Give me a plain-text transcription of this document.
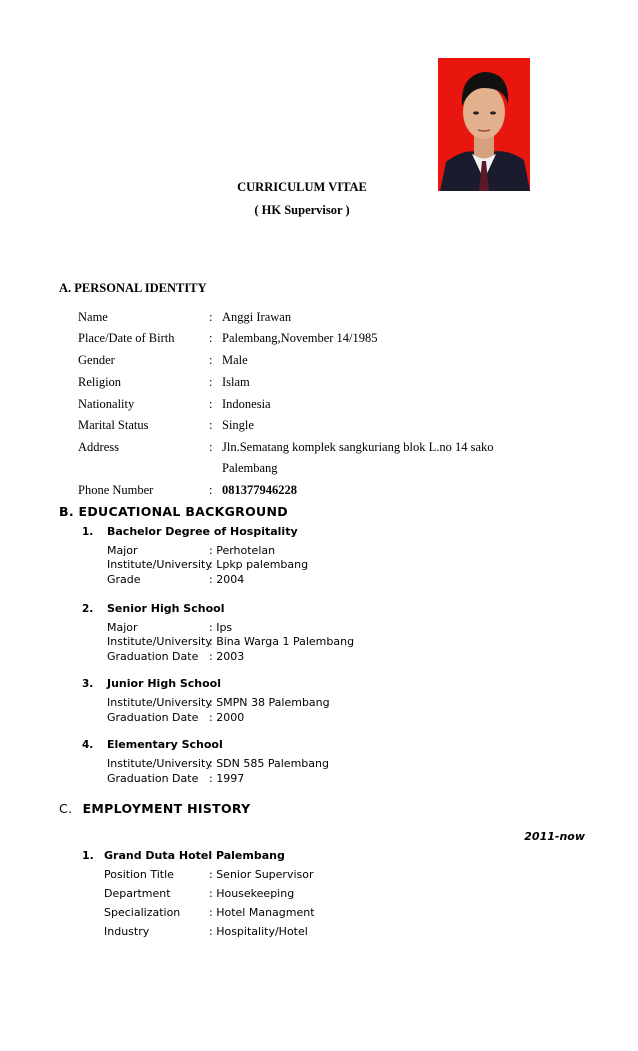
CURRICULUM VITAE
( HK Supervisor )
A. PERSONAL IDENTITY
Name	: Anggi Irawan
Place/Date of Birth	: Palembang,November 14/1985
Gender	: Male
Religion	: Islam
Nationality	: Indonesia
Marital Status	: Single
Address	: Jln.Sematang komplek sangkuriang blok L.no 14 sako
Palembang
Phone Number	: 081377946228
B. EDUCATIONAL BACKGROUND
1. Bachelor Degree of Hospitality
Major	: Perhotelan
Institute/University
: Lpkp palembang
Grade	: 2004
2. Senior High School
Major	: Ips
Institute/University
: Bina Warga 1 Palembang
Graduation Date : 2003
3. Junior High School
Institute/University
: SMPN 38 Palembang
Graduation Date : 2000
4. Elementary School
Institute/University
: SDN 585 Palembang
Graduation Date : 1997
C. EMPLOYMENT HISTORY
2011-now
1. Grand Duta Hotel Palembang
Position Title	: Senior Supervisor
Department	: Housekeeping
Specialization	: Hotel Managment
Industry	: Hospitality/Hotel
